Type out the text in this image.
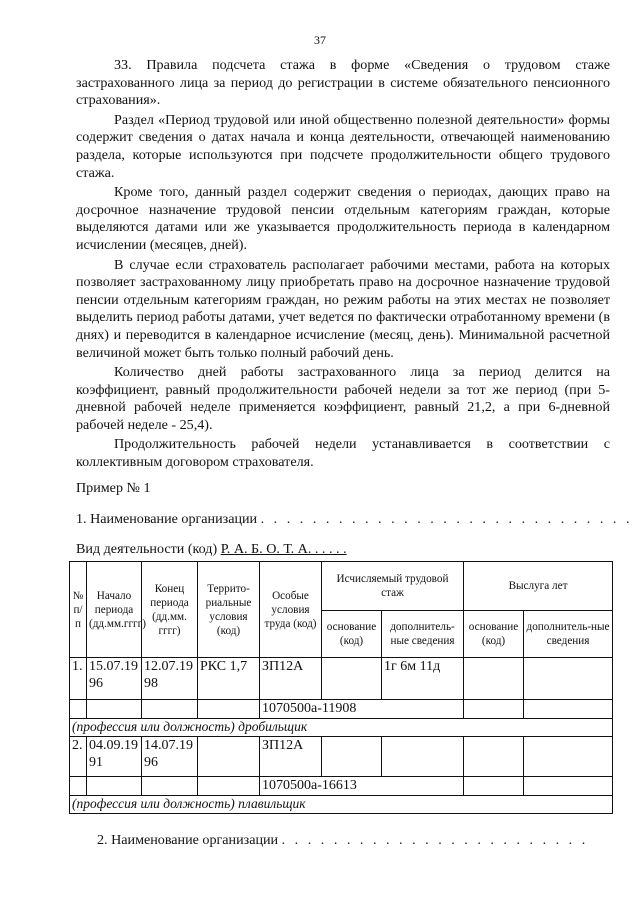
37

33. Правила подсчета стажа в форме «Сведения о трудовом стаже застрахованного лица за период до регистрации в системе обязательного пенсионного страхования».

Раздел «Период трудовой или иной общественно полезной деятельности» формы содержит сведения о датах начала и конца деятельности, отвечающей наименованию раздела, которые используются при подсчете продолжительности общего трудового стажа.

Кроме того, данный раздел содержит сведения о периодах, дающих право на досрочное назначение трудовой пенсии отдельным категориям граждан, которые выделяются датами или же указывается продолжительность периода в календарном исчислении (месяцев, дней).

В случае если страхователь располагает рабочими местами, работа на которых позволяет застрахованному лицу приобретать право на досрочное назначение трудовой пенсии отдельным категориям граждан, но режим работы на этих местах не позволяет выделить период работы датами, учет ведется по фактически отработанному времени (в днях) и переводится в календарное исчисление (месяц, день). Минимальной расчетной величиной может быть только полный рабочий день.

Количество дней работы застрахованного лица за период делится на коэффициент, равный продолжительности рабочей недели за тот же период (при 5-дневной рабочей неделе применяется коэффициент, равный 21,2, а при 6-дневной рабочей неделе - 25,4).

Продолжительность рабочей недели устанавливается в соответствии с коллективным договором страхователя.

Пример № 1

1. Наименование организации . . . . . . . . . . . . . . . . . . . . . . . . . . . . .
Вид деятельности (код) Р. А. Б. О. Т. А. . . . . .
№ п/п	Начало периода (дд.мм.гггг)	Конец периода (дд.мм. гггг)	Террито-риальные условия (код)	Особые условия труда (код)	Исчисляемый трудовой стаж		Выслуга лет	
					основание (код)	дополнитель-ные сведения	основание (код)	дополнитель-ные сведения
1.	15.07.1996	12.07.1998	РКС 1,7	ЗП12А		1г 6м 11д		
				1070500а-11908				
(профессия или должность) дробильщик								
2.	04.09.1991	14.07.1996		ЗП12А				
				1070500а-16613				
(профессия или должность) плавильщик								
2. Наименование организации . . . . . . . . . . . . . . . . . . . . . . . .
